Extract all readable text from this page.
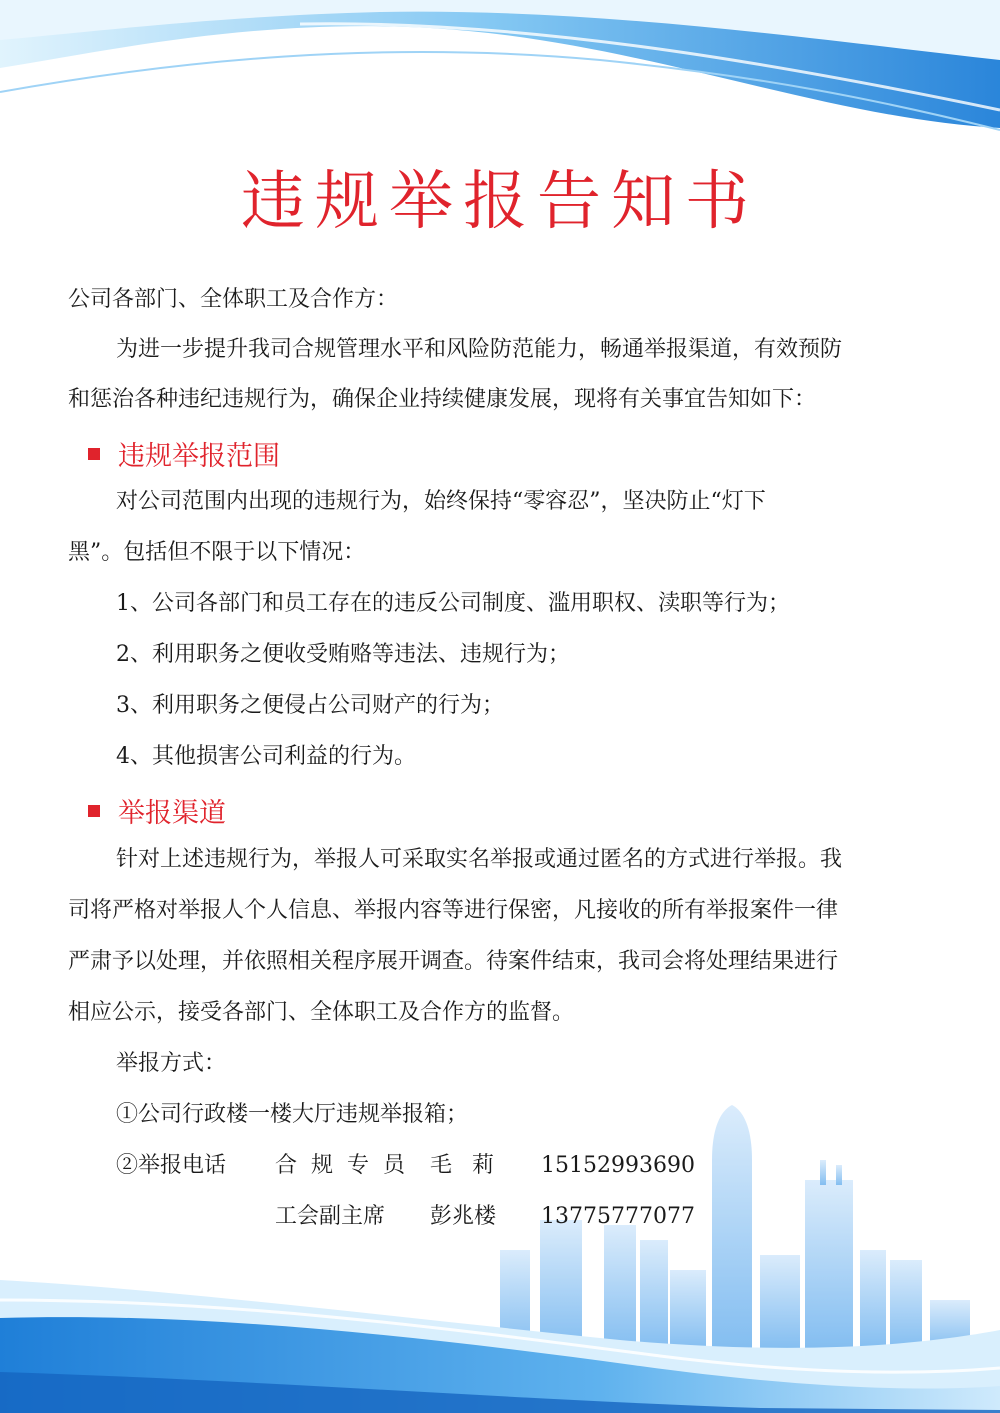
违规举报告知书
公司各部门、全体职工及合作方：
为进一步提升我司合规管理水平和风险防范能力，畅通举报渠道，有效预防
和惩治各种违纪违规行为，确保企业持续健康发展，现将有关事宜告知如下：
违规举报范围
对公司范围内出现的违规行为，始终保持“零容忍”，坚决防止“灯下
黑”。包括但不限于以下情况：
1、公司各部门和员工存在的违反公司制度、滥用职权、渎职等行为；
2、利用职务之便收受贿赂等违法、违规行为；
3、利用职务之便侵占公司财产的行为；
4、其他损害公司利益的行为。
举报渠道
针对上述违规行为，举报人可采取实名举报或通过匿名的方式进行举报。我
司将严格对举报人个人信息、举报内容等进行保密，凡接收的所有举报案件一律
严肃予以处理，并依照相关程序展开调查。待案件结束，我司会将处理结果进行
相应公示，接受各部门、全体职工及合作方的监督。
举报方式：
①公司行政楼一楼大厅违规举报箱；
②举报电话 合规专员 毛莉 15152993690
工会副主席 彭兆楼 13775777077
